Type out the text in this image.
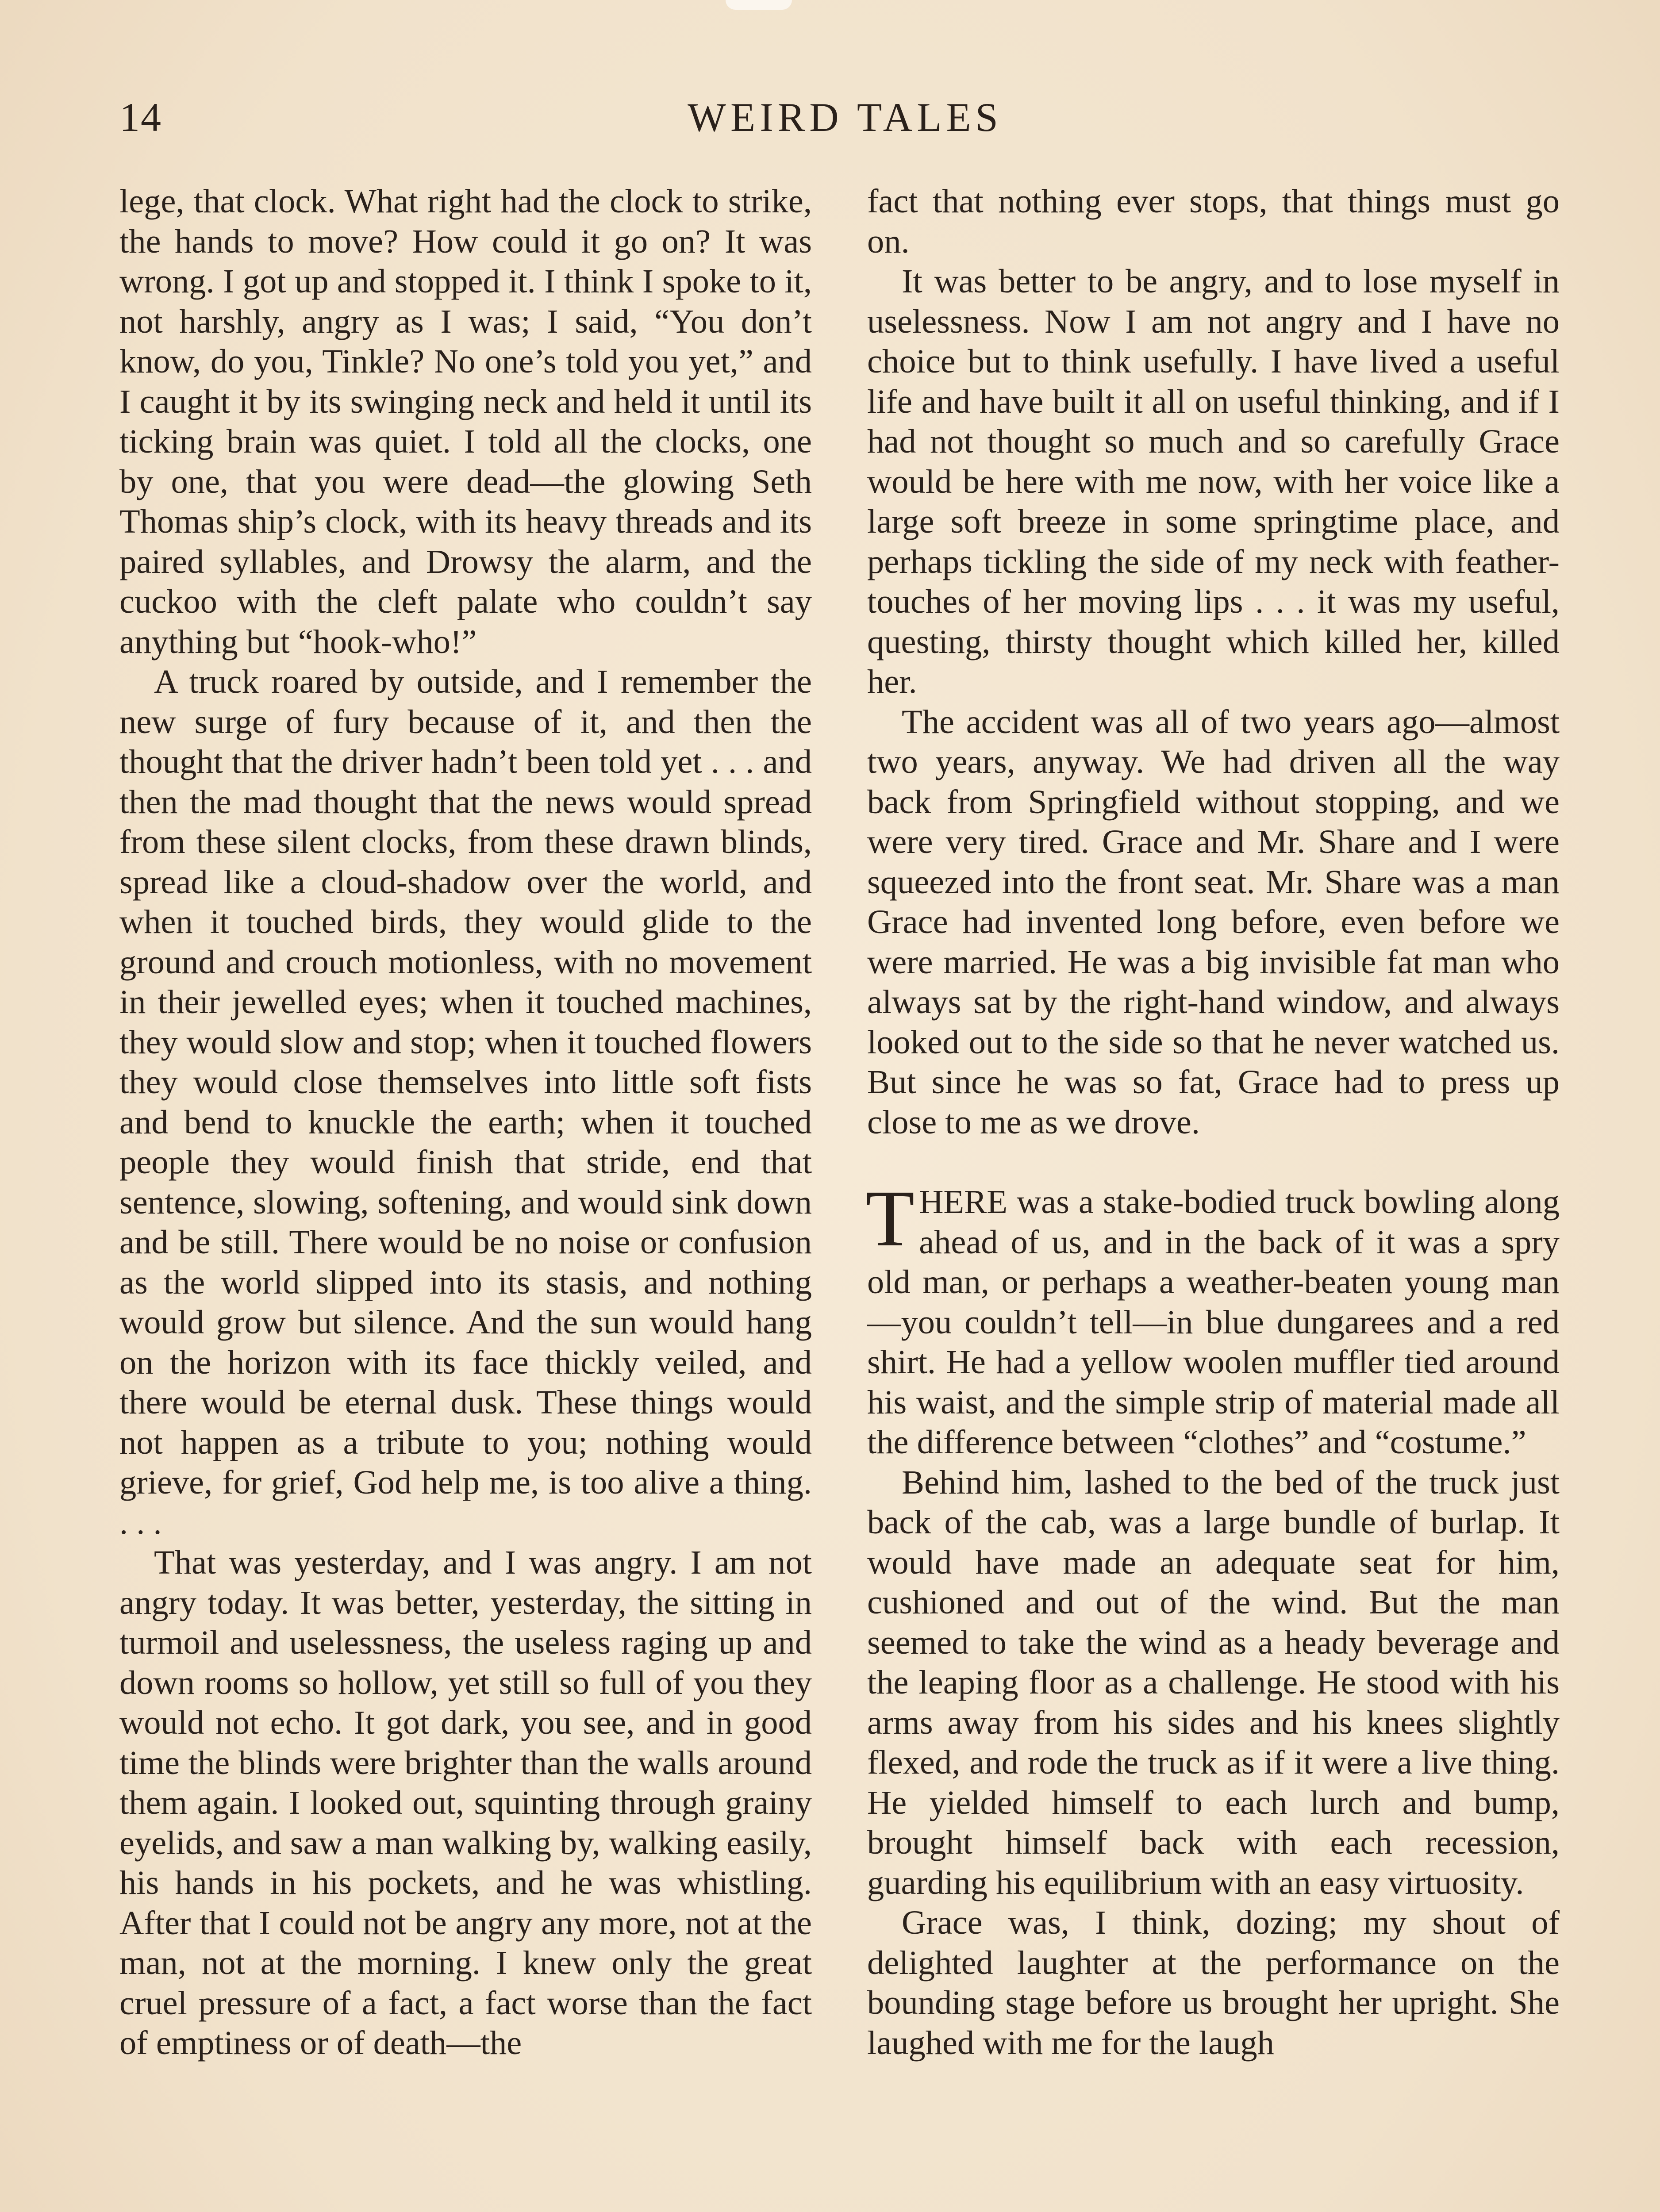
14	WEIRD TALES

lege, that clock. What right had the clock to strike, the hands to move? How could it go on? It was wrong. I got up and stopped it. I think I spoke to it, not harshly, angry as I was; I said, “You don’t know, do you, Tinkle? No one’s told you yet,” and I caught it by its swinging neck and held it until its ticking brain was quiet. I told all the clocks, one by one, that you were dead—the glowing Seth Thomas ship’s clock, with its heavy threads and its paired syllables, and Drowsy the alarm, and the cuckoo with the cleft palate who couldn’t say anything but “hook-who!”

A truck roared by outside, and I remember the new surge of fury because of it, and then the thought that the driver hadn’t been told yet . . . and then the mad thought that the news would spread from these silent clocks, from these drawn blinds, spread like a cloud-shadow over the world, and when it touched birds, they would glide to the ground and crouch motionless, with no movement in their jewelled eyes; when it touched machines, they would slow and stop; when it touched flowers they would close themselves into little soft fists and bend to knuckle the earth; when it touched people they would finish that stride, end that sentence, slowing, softening, and would sink down and be still. There would be no noise or confusion as the world slipped into its stasis, and nothing would grow but silence. And the sun would hang on the horizon with its face thickly veiled, and there would be eternal dusk. These things would not happen as a tribute to you; nothing would grieve, for grief, God help me, is too alive a thing. . . .

That was yesterday, and I was angry. I am not angry today. It was better, yesterday, the sitting in turmoil and uselessness, the useless raging up and down rooms so hollow, yet still so full of you they would not echo. It got dark, you see, and in good time the blinds were brighter than the walls around them again. I looked out, squinting through grainy eyelids, and saw a man walking by, walking easily, his hands in his pockets, and he was whistling. After that I could not be angry any more, not at the man, not at the morning. I knew only the great cruel pressure of a fact, a fact worse than the fact of emptiness or of death—the

fact that nothing ever stops, that things must go on.

It was better to be angry, and to lose myself in uselessness. Now I am not angry and I have no choice but to think usefully. I have lived a useful life and have built it all on useful thinking, and if I had not thought so much and so carefully Grace would be here with me now, with her voice like a large soft breeze in some springtime place, and perhaps tickling the side of my neck with feather-touches of her moving lips . . . it was my useful, questing, thirsty thought which killed her, killed her.

The accident was all of two years ago—almost two years, anyway. We had driven all the way back from Springfield without stopping, and we were very tired. Grace and Mr. Share and I were squeezed into the front seat. Mr. Share was a man Grace had invented long before, even before we were married. He was a big invisible fat man who always sat by the right-hand window, and always looked out to the side so that he never watched us. But since he was so fat, Grace had to press up close to me as we drove.

THERE was a stake-bodied truck bowling along ahead of us, and in the back of it was a spry old man, or perhaps a weather-beaten young man—you couldn’t tell—in blue dungarees and a red shirt. He had a yellow woolen muffler tied around his waist, and the simple strip of material made all the difference between “clothes” and “costume.”

Behind him, lashed to the bed of the truck just back of the cab, was a large bundle of burlap. It would have made an adequate seat for him, cushioned and out of the wind. But the man seemed to take the wind as a heady beverage and the leaping floor as a challenge. He stood with his arms away from his sides and his knees slightly flexed, and rode the truck as if it were a live thing. He yielded himself to each lurch and bump, brought himself back with each recession, guarding his equilibrium with an easy virtuosity.

Grace was, I think, dozing; my shout of delighted laughter at the performance on the bounding stage before us brought her upright. She laughed with me for the laugh
